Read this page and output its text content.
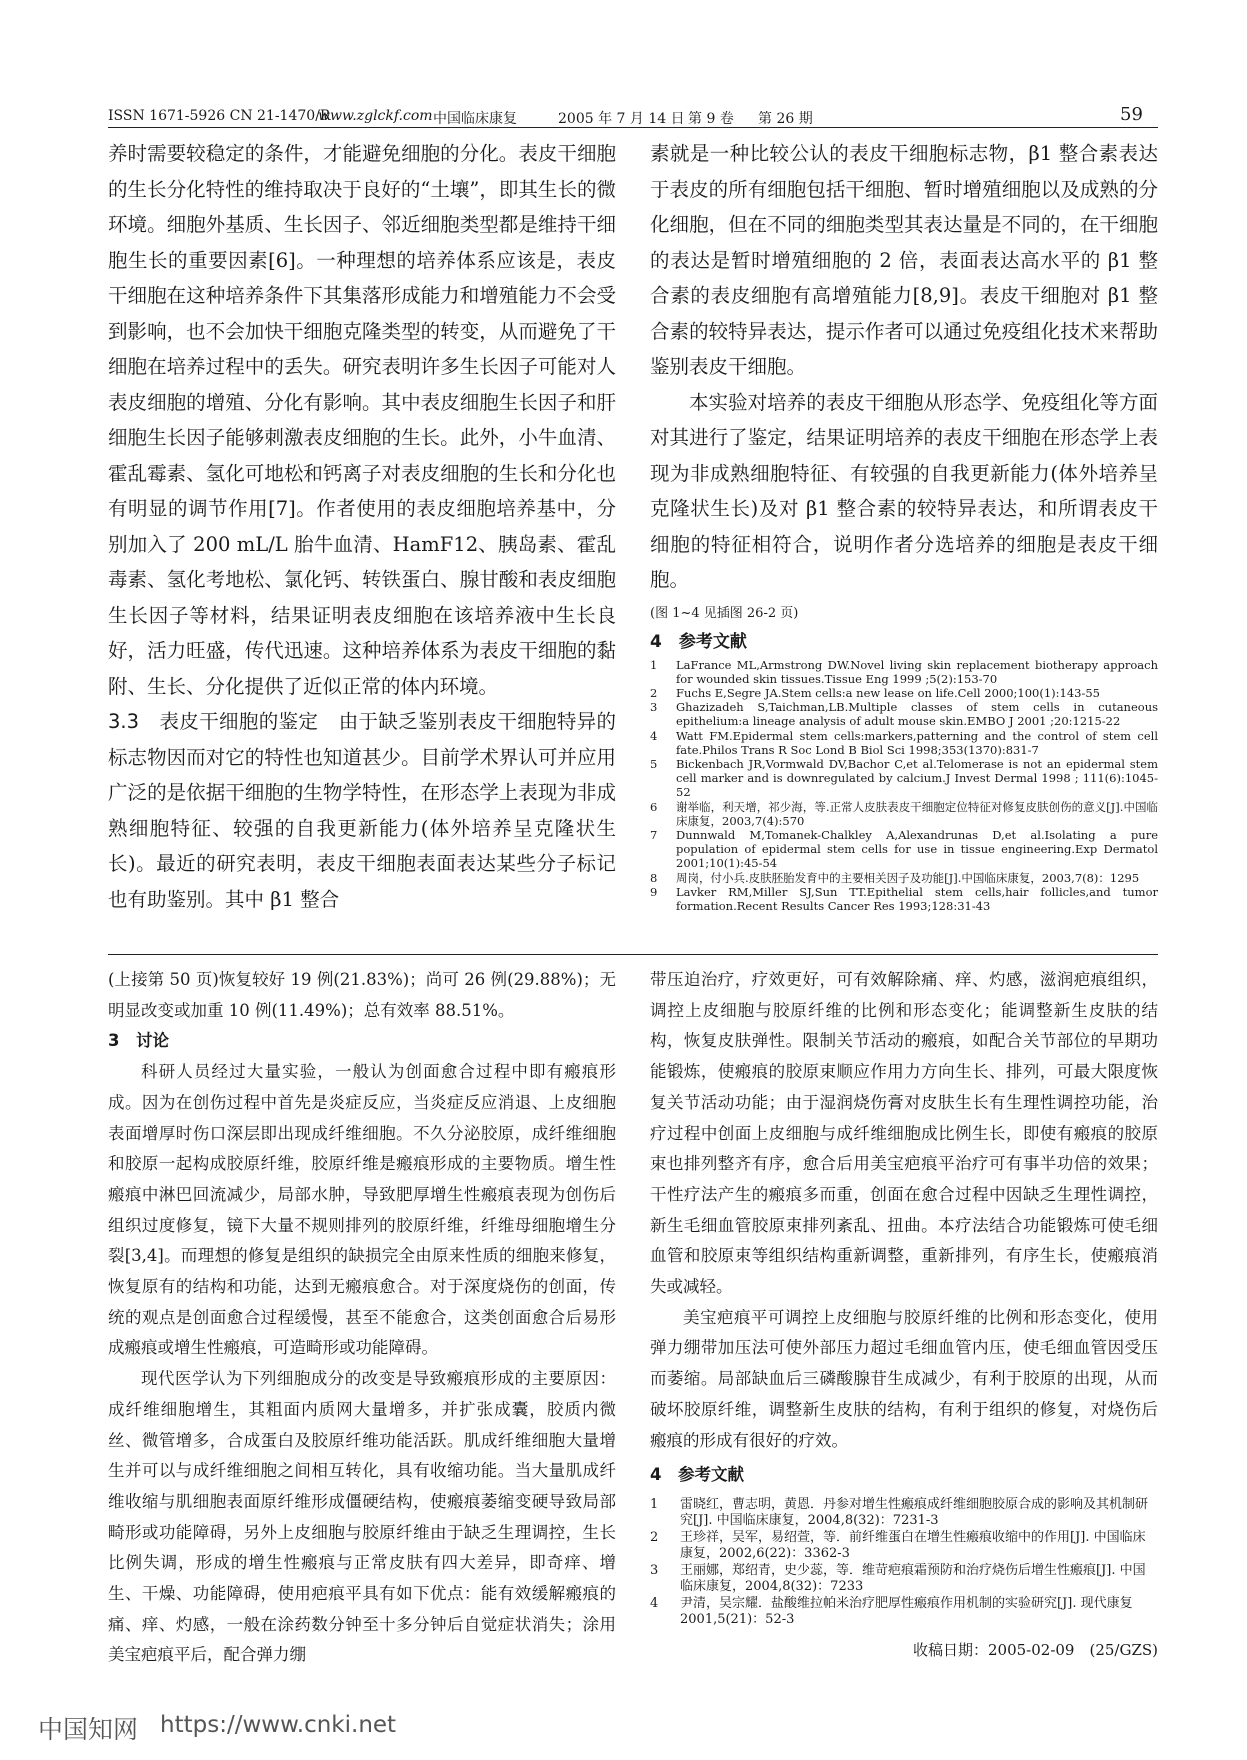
ISSN 1671-5926 CN 21-1470/R
www.zglckf.com 中国临床康复	2005 年 7 月 14 日 第 9 卷 第 26 期	59

养时需要较稳定的条件，才能避免细胞的分化。表皮干细胞的生长分化特性的维持取决于良好的“土壤”，即其生长的微环境。细胞外基质、生长因子、邻近细胞类型都是维持干细胞生长的重要因素[6]。一种理想的培养体系应该是，表皮干细胞在这种培养条件下其集落形成能力和增殖能力不会受到影响，也不会加快干细胞克隆类型的转变，从而避免了干细胞在培养过程中的丢失。研究表明许多生长因子可能对人表皮细胞的增殖、分化有影响。其中表皮细胞生长因子和肝细胞生长因子能够刺激表皮细胞的生长。此外，小牛血清、霍乱霉素、氢化可地松和钙离子对表皮细胞的生长和分化也有明显的调节作用[7]。作者使用的表皮细胞培养基中，分别加入了 200 mL/L 胎牛血清、HamF12、胰岛素、霍乱毒素、氢化考地松、氯化钙、转铁蛋白、腺甘酸和表皮细胞生长因子等材料，结果证明表皮细胞在该培养液中生长良好，活力旺盛，传代迅速。这种培养体系为表皮干细胞的黏附、生长、分化提供了近似正常的体内环境。

3.3 表皮干细胞的鉴定 由于缺乏鉴别表皮干细胞特异的标志物因而对它的特性也知道甚少。目前学术界认可并应用广泛的是依据干细胞的生物学特性，在形态学上表现为非成熟细胞特征、较强的自我更新能力(体外培养呈克隆状生长)。最近的研究表明，表皮干细胞表面表达某些分子标记也有助鉴别。其中 β1 整合

素就是一种比较公认的表皮干细胞标志物，β1 整合素表达于表皮的所有细胞包括干细胞、暂时增殖细胞以及成熟的分化细胞，但在不同的细胞类型其表达量是不同的，在干细胞的表达是暂时增殖细胞的 2 倍，表面表达高水平的 β1 整合素的表皮细胞有高增殖能力[8,9]。表皮干细胞对 β1 整合素的较特异表达，提示作者可以通过免疫组化技术来帮助鉴别表皮干细胞。

本实验对培养的表皮干细胞从形态学、免疫组化等方面对其进行了鉴定，结果证明培养的表皮干细胞在形态学上表现为非成熟细胞特征、有较强的自我更新能力(体外培养呈克隆状生长)及对 β1 整合素的较特异表达，和所谓表皮干细胞的特征相符合，说明作者分选培养的细胞是表皮干细胞。

(图 1~4 见插图 26-2 页)
4　参考文献
1	LaFrance ML,Armstrong DW.Novel living skin replacement biotherapy approach for wounded skin tissues.Tissue Eng 1999 ;5(2):153-70
2	Fuchs E,Segre JA.Stem cells:a new lease on life.Cell 2000;100(1):143-55
3	Ghazizadeh S,Taichman,LB.Multiple classes of stem cells in cutaneous epithelium:a lineage analysis of adult mouse skin.EMBO J 2001 ;20:1215-22
4	Watt FM.Epidermal stem cells:markers,patterning and the control of stem cell fate.Philos Trans R Soc Lond B Biol Sci 1998;353(1370):831-7
5	Bickenbach JR,Vormwald DV,Bachor C,et al.Telomerase is not an epidermal stem cell marker and is downregulated by calcium.J Invest Dermal 1998 ; 111(6):1045-52
6	谢举临，利天增，祁少海，等.正常人皮肤表皮干细胞定位特征对修复皮肤创伤的意义[J].中国临床康复，2003,7(4):570
7	Dunnwald M,Tomanek-Chalkley A,Alexandrunas D,et al.Isolating a pure population of epidermal stem cells for use in tissue engineering.Exp Dermatol 2001;10(1):45-54
8	周岗，付小兵.皮肤胚胎发育中的主要相关因子及功能[J].中国临床康复，2003,7(8)：1295
9	Lavker RM,Miller SJ,Sun TT.Epithelial stem cells,hair follicles,and tumor formation.Recent Results Cancer Res 1993;128:31-43

(上接第 50 页)恢复较好 19 例(21.83%)；尚可 26 例(29.88%)；无明显改变或加重 10 例(11.49%)；总有效率 88.51%。

3　讨论

科研人员经过大量实验，一般认为创面愈合过程中即有瘢痕形成。因为在创伤过程中首先是炎症反应，当炎症反应消退、上皮细胞表面增厚时伤口深层即出现成纤维细胞。不久分泌胶原，成纤维细胞和胶原一起构成胶原纤维，胶原纤维是瘢痕形成的主要物质。增生性瘢痕中淋巴回流减少，局部水肿，导致肥厚增生性瘢痕表现为创伤后组织过度修复，镜下大量不规则排列的胶原纤维，纤维母细胞增生分裂[3,4]。而理想的修复是组织的缺损完全由原来性质的细胞来修复，恢复原有的结构和功能，达到无瘢痕愈合。对于深度烧伤的创面，传统的观点是创面愈合过程缓慢，甚至不能愈合，这类创面愈合后易形成瘢痕或增生性瘢痕，可造畸形或功能障碍。

现代医学认为下列细胞成分的改变是导致瘢痕形成的主要原因：成纤维细胞增生，其粗面内质网大量增多，并扩张成囊，胶质内微丝、微管增多，合成蛋白及胶原纤维功能活跃。肌成纤维细胞大量增生并可以与成纤维细胞之间相互转化，具有收缩功能。当大量肌成纤维收缩与肌细胞表面原纤维形成僵硬结构，使瘢痕萎缩变硬导致局部畸形或功能障碍，另外上皮细胞与胶原纤维由于缺乏生理调控，生长比例失调，形成的增生性瘢痕与正常皮肤有四大差异，即奇痒、增生、干燥、功能障碍，使用疤痕平具有如下优点：能有效缓解瘢痕的痛、痒、灼感，一般在涂药数分钟至十多分钟后自觉症状消失；涂用美宝疤痕平后，配合弹力绷

带压迫治疗，疗效更好，可有效解除痛、痒、灼感，滋润疤痕组织，调控上皮细胞与胶原纤维的比例和形态变化；能调整新生皮肤的结构，恢复皮肤弹性。限制关节活动的瘢痕，如配合关节部位的早期功能锻炼，使瘢痕的胶原束顺应作用力方向生长、排列，可最大限度恢复关节活动功能；由于湿润烧伤膏对皮肤生长有生理性调控功能，治疗过程中创面上皮细胞与成纤维细胞成比例生长，即使有瘢痕的胶原束也排列整齐有序，愈合后用美宝疤痕平治疗可有事半功倍的效果；干性疗法产生的瘢痕多而重，创面在愈合过程中因缺乏生理性调控，新生毛细血管胶原束排列紊乱、扭曲。本疗法结合功能锻炼可使毛细血管和胶原束等组织结构重新调整，重新排列，有序生长，使瘢痕消失或减轻。

美宝疤痕平可调控上皮细胞与胶原纤维的比例和形态变化，使用弹力绷带加压法可使外部压力超过毛细血管内压，使毛细血管因受压而萎缩。局部缺血后三磷酸腺苷生成减少，有利于胶原的出现，从而破坏胶原纤维，调整新生皮肤的结构，有利于组织的修复，对烧伤后瘢痕的形成有很好的疗效。

4　参考文献

1	雷晓红，曹志明，黄恩．丹参对增生性瘢痕成纤维细胞胶原合成的影响及其机制研究[J]. 中国临床康复，2004,8(32)：7231-3
2	王珍祥，吴军，易绍萱，等．前纤维蛋白在增生性瘢痕收缩中的作用[J]. 中国临床康复，2002,6(22)：3362-3
3	王丽娜，郑绍青，史少蕊，等．维苛疤痕霜预防和治疗烧伤后增生性瘢痕[J]. 中国临床康复，2004,8(32)：7233
4	尹清，吴宗耀．盐酸维拉帕米治疗肥厚性瘢痕作用机制的实验研究[J]. 现代康复 2001,5(21)：52-3
收稿日期：2005-02-09　(25/GZS)
中国知网 https://www.cnki.net
